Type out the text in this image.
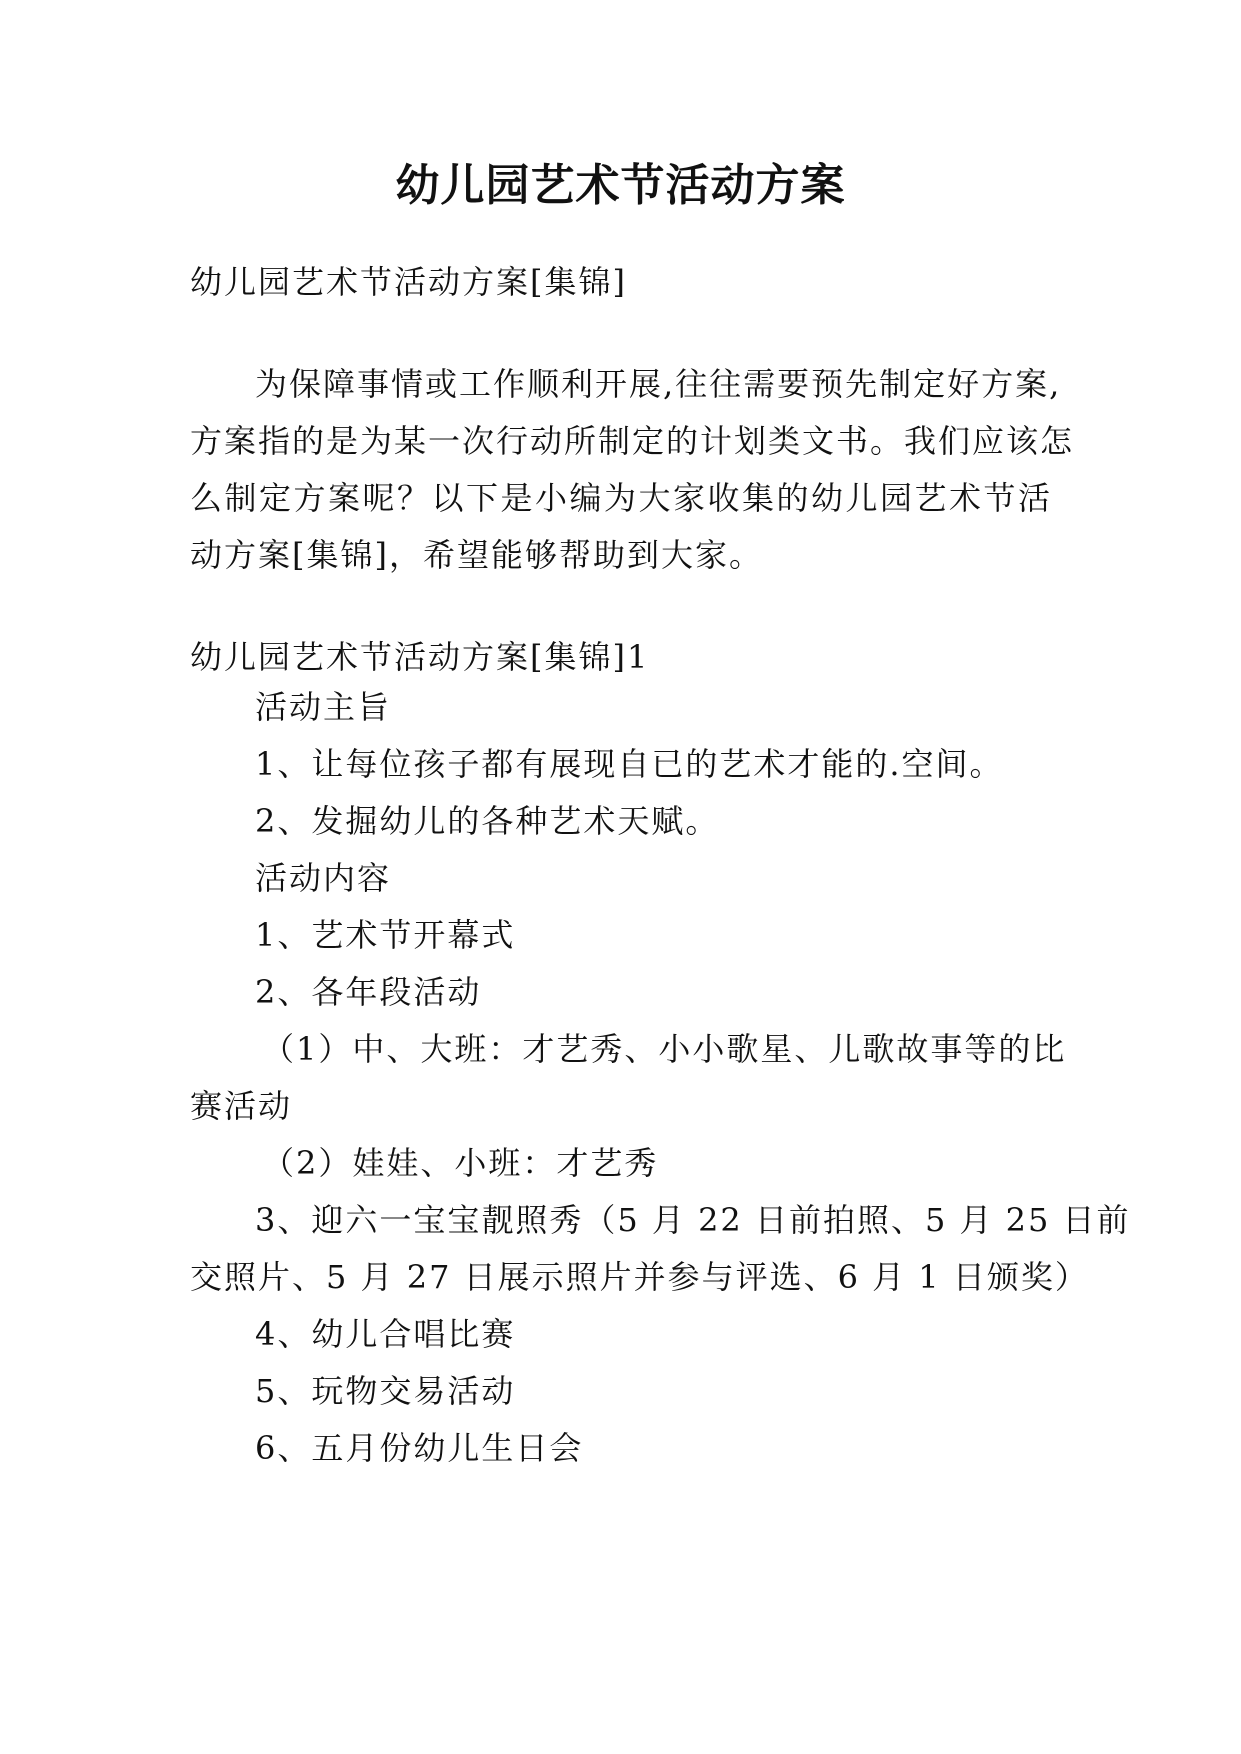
幼儿园艺术节活动方案
幼儿园艺术节活动方案[集锦]
为保障事情或工作顺利开展,往往需要预先制定好方案,
方案指的是为某一次行动所制定的计划类文书。我们应该怎
么制定方案呢？以下是小编为大家收集的幼儿园艺术节活
动方案[集锦]，希望能够帮助到大家。
幼儿园艺术节活动方案[集锦]1
活动主旨
1、让每位孩子都有展现自已的艺术才能的.空间。
2、发掘幼儿的各种艺术天赋。
活动内容
1、艺术节开幕式
2、各年段活动
（1）中、大班：才艺秀、小小歌星、儿歌故事等的比
赛活动
（2）娃娃、小班：才艺秀
3、迎六一宝宝靓照秀（5 月 22 日前拍照、5 月 25 日前
交照片、5 月 27 日展示照片并参与评选、6 月 1 日颁奖）
4、幼儿合唱比赛
5、玩物交易活动
6、五月份幼儿生日会
